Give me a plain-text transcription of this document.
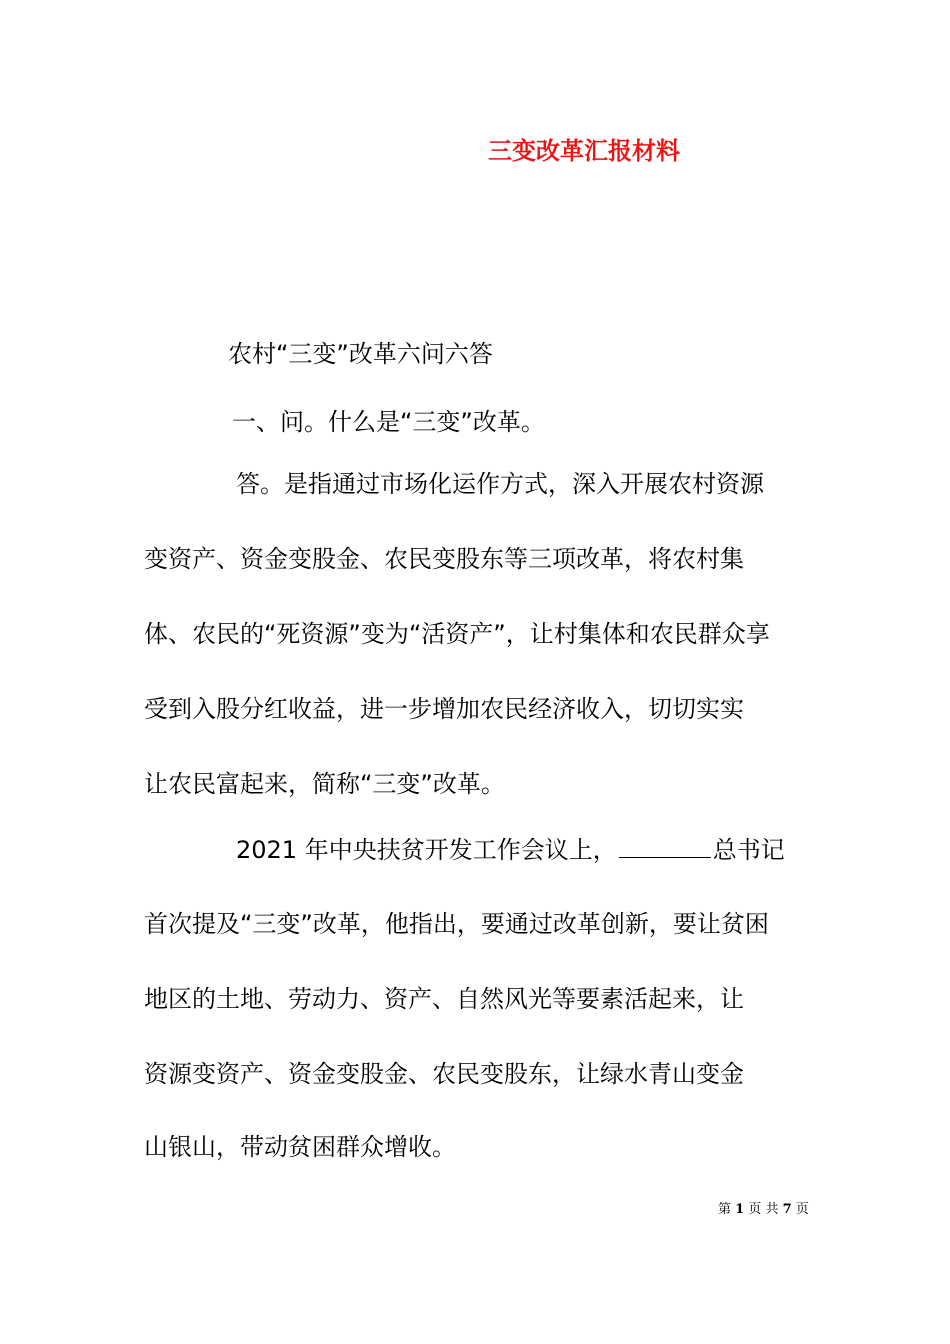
三变改革汇报材料
农村“三变”改革六问六答
一、问。什么是“三变”改革。
答。是指通过市场化运作方式，深入开展农村资源
变资产、资金变股金、农民变股东等三项改革，将农村集
体、农民的“死资源”变为“活资产”，让村集体和农民群众享
受到入股分红收益，进一步增加农民经济收入，切切实实
让农民富起来，简称“三变”改革。
2021 年中央扶贫开发工作会议上，	总书记
首次提及“三变”改革，他指出，要通过改革创新，要让贫困
地区的土地、劳动力、资产、自然风光等要素活起来，让
资源变资产、资金变股金、农民变股东，让绿水青山变金
山银山，带动贫困群众增收。
第 1 页 共 7 页
